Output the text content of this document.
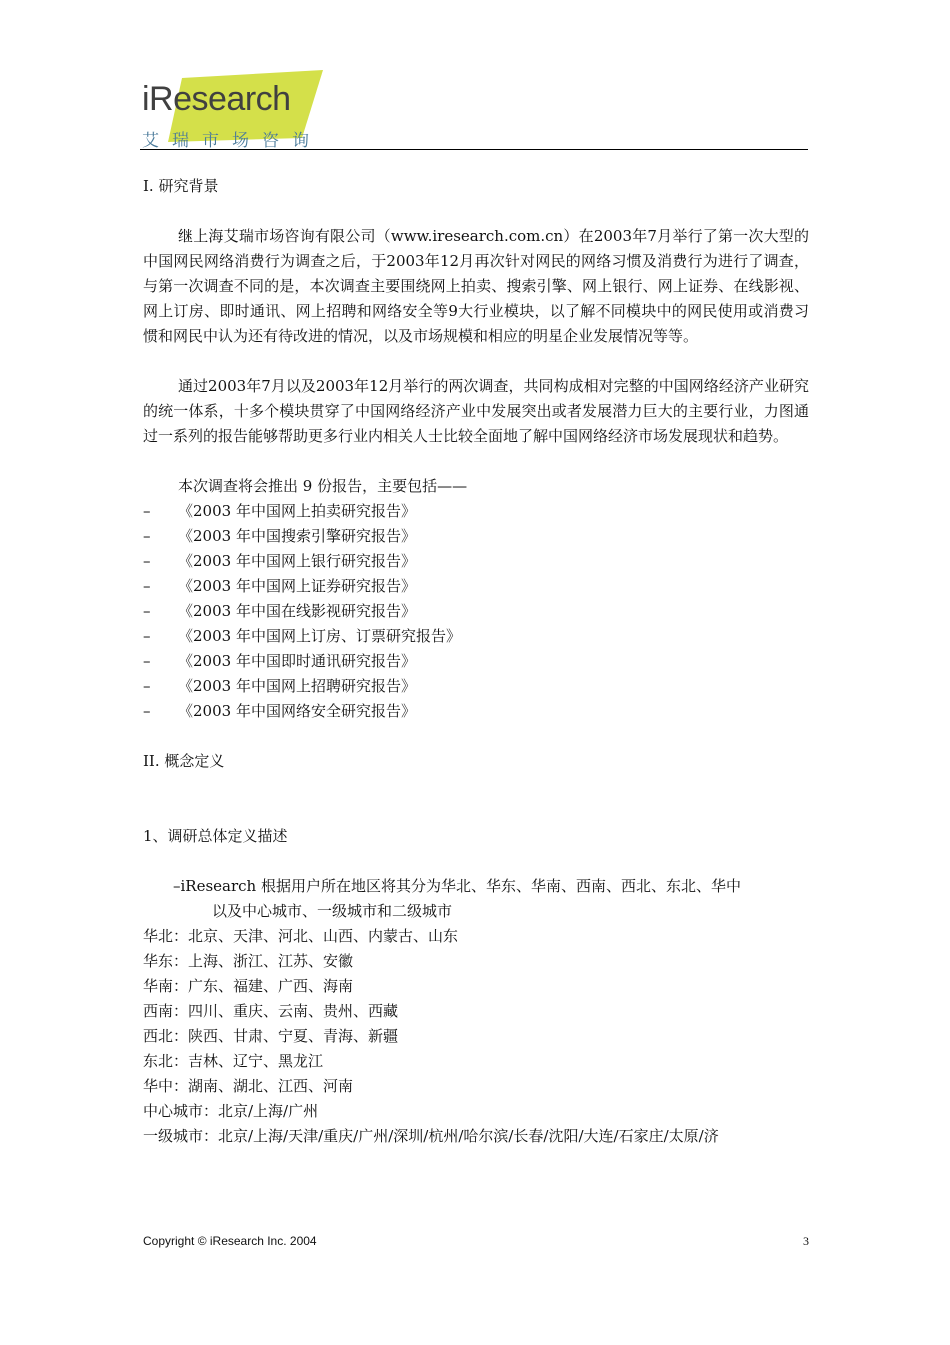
iResearch
艾瑞市场咨询

I. 研究背景

继上海艾瑞市场咨询有限公司（www.iresearch.com.cn）在2003年7月举行了第一次大型的中国网民网络消费行为调查之后，于2003年12月再次针对网民的网络习惯及消费行为进行了调查，与第一次调查不同的是，本次调查主要围绕网上拍卖、搜索引擎、网上银行、网上证券、在线影视、网上订房、即时通讯、网上招聘和网络安全等9大行业模块，以了解不同模块中的网民使用或消费习惯和网民中认为还有待改进的情况，以及市场规模和相应的明星企业发展情况等等。

通过2003年7月以及2003年12月举行的两次调查，共同构成相对完整的中国网络经济产业研究的统一体系，十多个模块贯穿了中国网络经济产业中发展突出或者发展潜力巨大的主要行业，力图通过一系列的报告能够帮助更多行业内相关人士比较全面地了解中国网络经济市场发展现状和趋势。

本次调查将会推出 9 份报告，主要包括——

– 《2003 年中国网上拍卖研究报告》
– 《2003 年中国搜索引擎研究报告》
– 《2003 年中国网上银行研究报告》
– 《2003 年中国网上证券研究报告》
– 《2003 年中国在线影视研究报告》
– 《2003 年中国网上订房、订票研究报告》
– 《2003 年中国即时通讯研究报告》
– 《2003 年中国网上招聘研究报告》
– 《2003 年中国网络安全研究报告》

II. 概念定义

1、调研总体定义描述

–iResearch 根据用户所在地区将其分为华北、华东、华南、西南、西北、东北、华中

以及中心城市、一级城市和二级城市

华北：北京、天津、河北、山西、内蒙古、山东

华东：上海、浙江、江苏、安徽

华南：广东、福建、广西、海南

西南：四川、重庆、云南、贵州、西藏

西北：陕西、甘肃、宁夏、青海、新疆

东北：吉林、辽宁、黑龙江

华中：湖南、湖北、江西、河南

中心城市：北京/上海/广州

一级城市：北京/上海/天津/重庆/广州/深圳/杭州/哈尔滨/长春/沈阳/大连/石家庄/太原/济

Copyright © iResearch Inc. 2004	3
